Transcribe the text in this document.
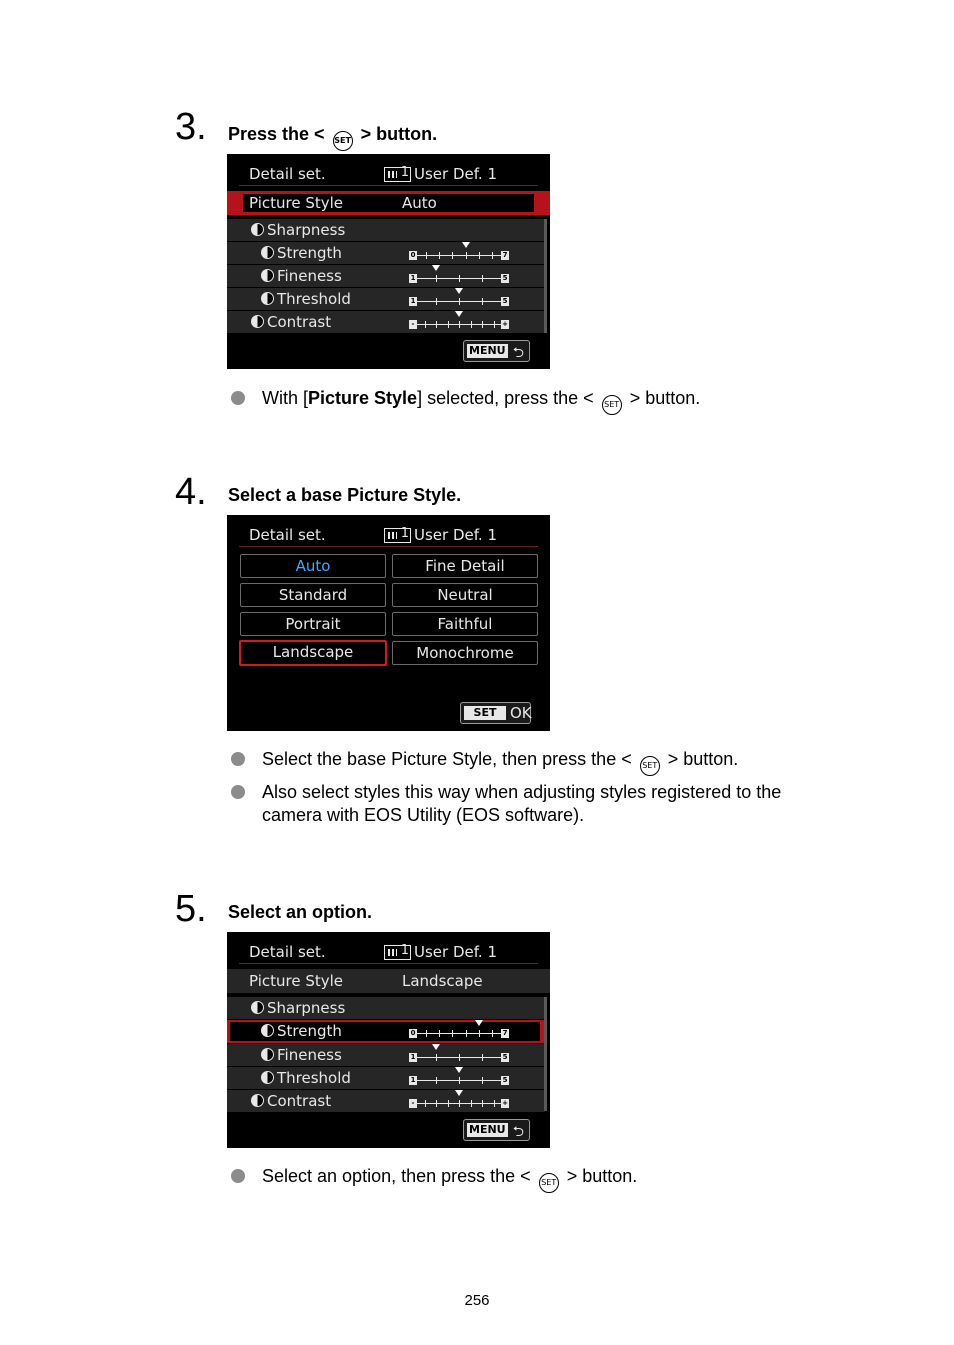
3. Press the < SET > button.
Detail set. 1	User Def. 1
Picture Style	Auto
Sharpness
Strength	0	7
Fineness	1	5
Threshold	1	5
Contrast	-	+
MENU ⮌
With [Picture Style] selected, press the < SET > button.
4. Select a base Picture Style.
Detail set. 1	User Def. 1
Auto	Fine Detail
Standard	Neutral
Portrait	Faithful
Landscape	Monochrome
SET OK
Select the base Picture Style, then press the < SET > button.
Also select styles this way when adjusting styles registered to the
camera with EOS Utility (EOS software).
5. Select an option.
Detail set. 1	User Def. 1
Picture Style	Landscape
Sharpness
Strength	0	7
Fineness	1	5
Threshold	1	5
Contrast	-	+
MENU ⮌
Select an option, then press the < SET > button.
256
